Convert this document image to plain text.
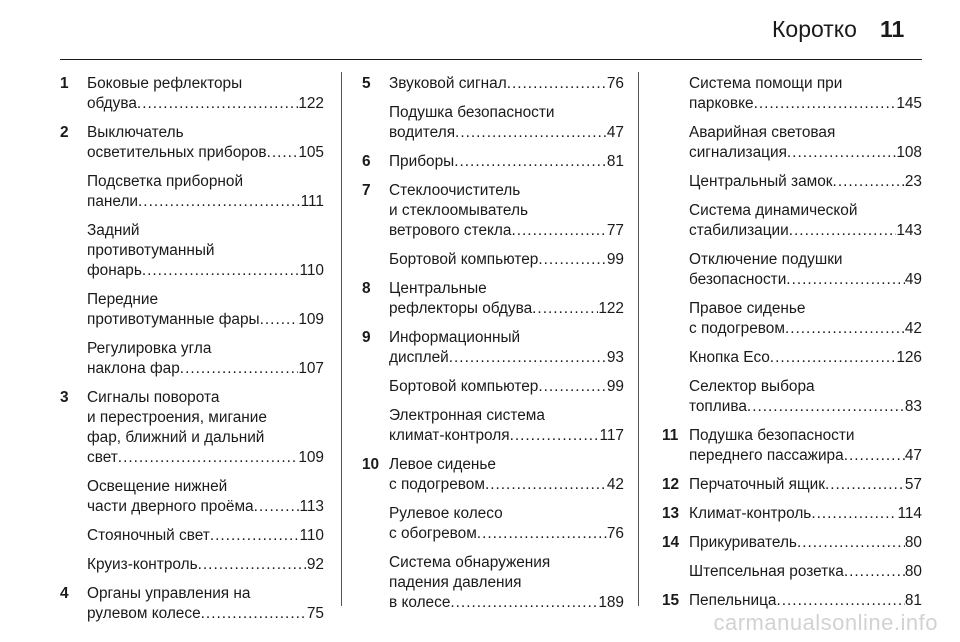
Коротко 11
1 Боковые рефлекторы
обдува .....	122
2 Выключатель
осветительных приборов ..... 105
Подсветка приборной
панели .....	111
Задний
противотуманный
фонарь .....	110
Передние
противотуманные фары .....	109
Регулировка угла
наклона фар .....	107
3 Сигналы поворота
и перестроения, мигание
фар, ближний и дальний
свет .....	109
Освещение нижней
части дверного проёма .....	113
Стояночный свет .....	110
Круиз-контроль .....	92
4 Органы управления на
рулевом колесе .....	75
5 Звуковой сигнал .....	76
Подушка безопасности
водителя .....	47
6 Приборы .....	81
7 Стеклоочиститель
и стеклоомыватель
ветрового стекла .....	77
Бортовой компьютер .....	99
8 Центральные
рефлекторы обдува .....	122
9 Информационный
дисплей .....	93
Бортовой компьютер .....	99
Электронная система
климат-контроля .....	117
10 Левое сиденье
с подогревом .....	42
Рулевое колесо
с обогревом .....	76
Система обнаружения
падения давления
в колесе .....	189
Система помощи при
парковке .....	145
Аварийная световая
сигнализация .....	108
Центральный замок .....	23
Система динамической
стабилизации .....	143
Отключение подушки
безопасности .....	49
Правое сиденье
с подогревом .....	42
Кнопка Eco .....	126
Селектор выбора
топлива .....	83
11 Подушка безопасности
переднего пассажира .....	47
12 Перчаточный ящик .....	57
13 Климат-контроль .....	114
14 Прикуриватель .....	80
Штепсельная розетка .....	80
15 Пепельница .....	81
carmanualsonline.info
